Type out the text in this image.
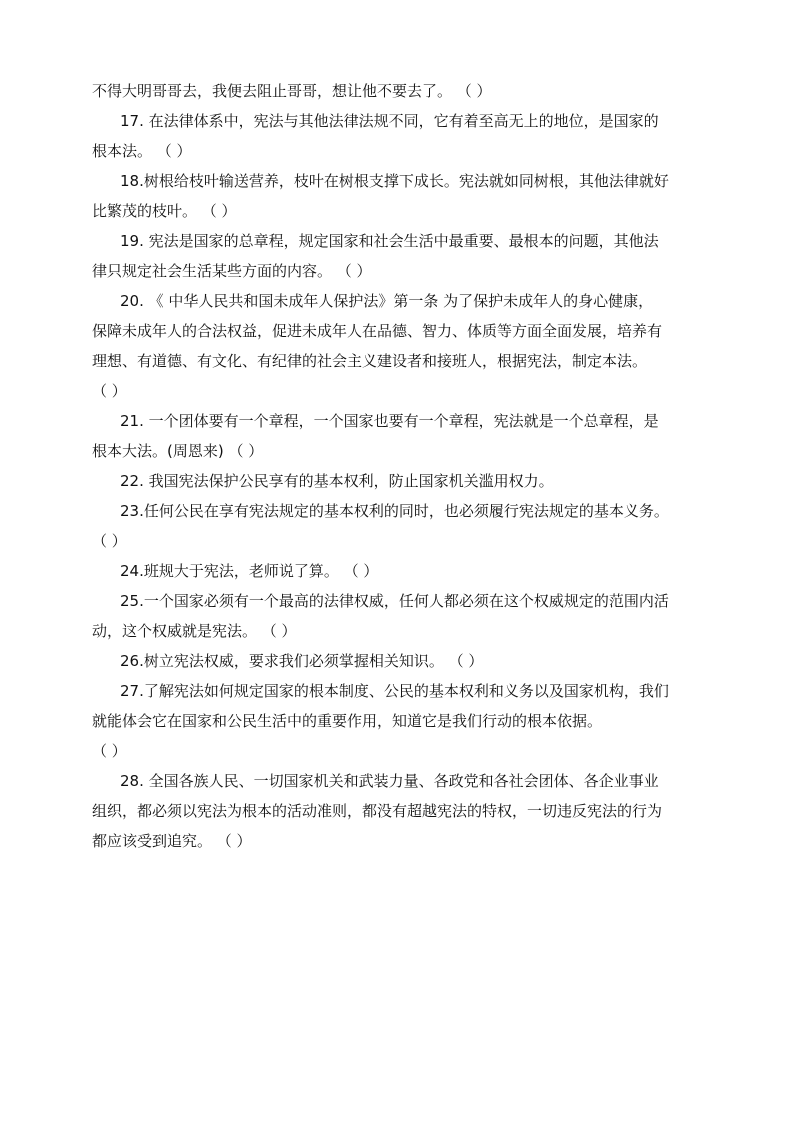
不得大明哥哥去，我便去阻止哥哥，想让他不要去了。 （ ）
17. 在法律体系中，宪法与其他法律法规不同，它有着至高无上的地位，是国家的
根本法。 （ ）
18.树根给枝叶输送营养，枝叶在树根支撑下成长。宪法就如同树根，其他法律就好
比繁茂的枝叶。 （ ）
19. 宪法是国家的总章程，规定国家和社会生活中最重要、最根本的问题，其他法
律只规定社会生活某些方面的内容。 （ ）
20. 《 中华人民共和国未成年人保护法》第一条 为了保护未成年人的身心健康，
保障未成年人的合法权益，促进未成年人在品德、智力、体质等方面全面发展，培养有
理想、有道德、有文化、有纪律的社会主义建设者和接班人，根据宪法，制定本法。
（ ）
21. 一个团体要有一个章程，一个国家也要有一个章程，宪法就是一个总章程，是
根本大法。(周恩来) （ ）
22. 我国宪法保护公民享有的基本权利，防止国家机关滥用权力。
23.任何公民在享有宪法规定的基本权利的同时，也必须履行宪法规定的基本义务。
（ ）
24.班规大于宪法，老师说了算。 （ ）
25.一个国家必须有一个最高的法律权威，任何人都必须在这个权威规定的范围内活
动，这个权威就是宪法。 （ ）
26.树立宪法权威，要求我们必须掌握相关知识。 （ ）
27.了解宪法如何规定国家的根本制度、公民的基本权利和义务以及国家机构，我们
就能体会它在国家和公民生活中的重要作用，知道它是我们行动的根本依据。
（ ）
28. 全国各族人民、一切国家机关和武装力量、各政党和各社会团体、各企业事业
组织，都必须以宪法为根本的活动准则，都没有超越宪法的特权，一切违反宪法的行为
都应该受到追究。 （ ）
